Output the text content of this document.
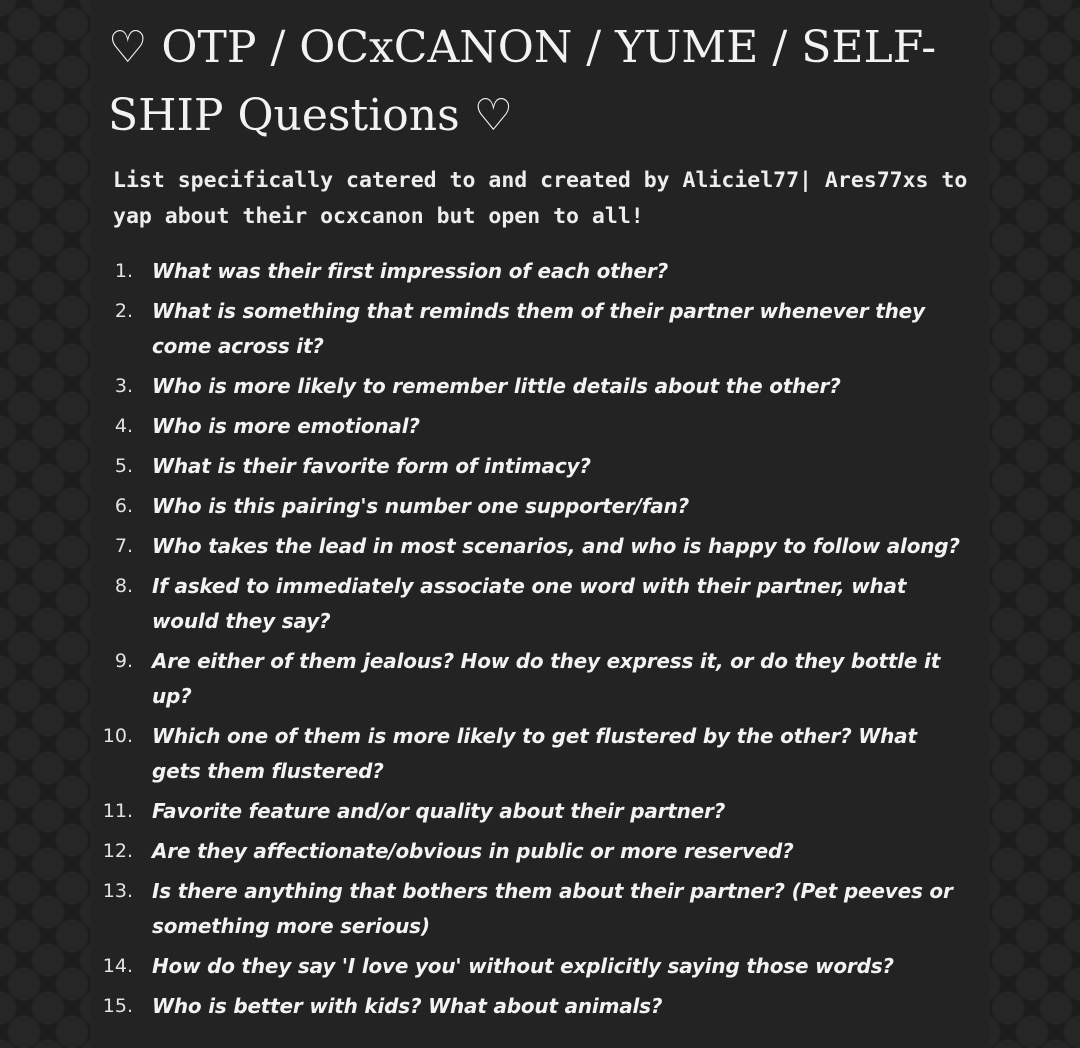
♡ OTP / OCxCANON / YUME / SELF-SHIP Questions ♡

List specifically catered to and created by Aliciel77| Ares77xs to yap about their ocxcanon but open to all!

1. What was their first impression of each other?
2. What is something that reminds them of their partner whenever they come across it?
3. Who is more likely to remember little details about the other?
4. Who is more emotional?
5. What is their favorite form of intimacy?
6. Who is this pairing's number one supporter/fan?
7. Who takes the lead in most scenarios, and who is happy to follow along?
8. If asked to immediately associate one word with their partner, what would they say?
9. Are either of them jealous? How do they express it, or do they bottle it up?
10. Which one of them is more likely to get flustered by the other? What gets them flustered?
11. Favorite feature and/or quality about their partner?
12. Are they affectionate/obvious in public or more reserved?
13. Is there anything that bothers them about their partner? (Pet peeves or something more serious)
14. How do they say 'I love you' without explicitly saying those words?
15. Who is better with kids? What about animals?
